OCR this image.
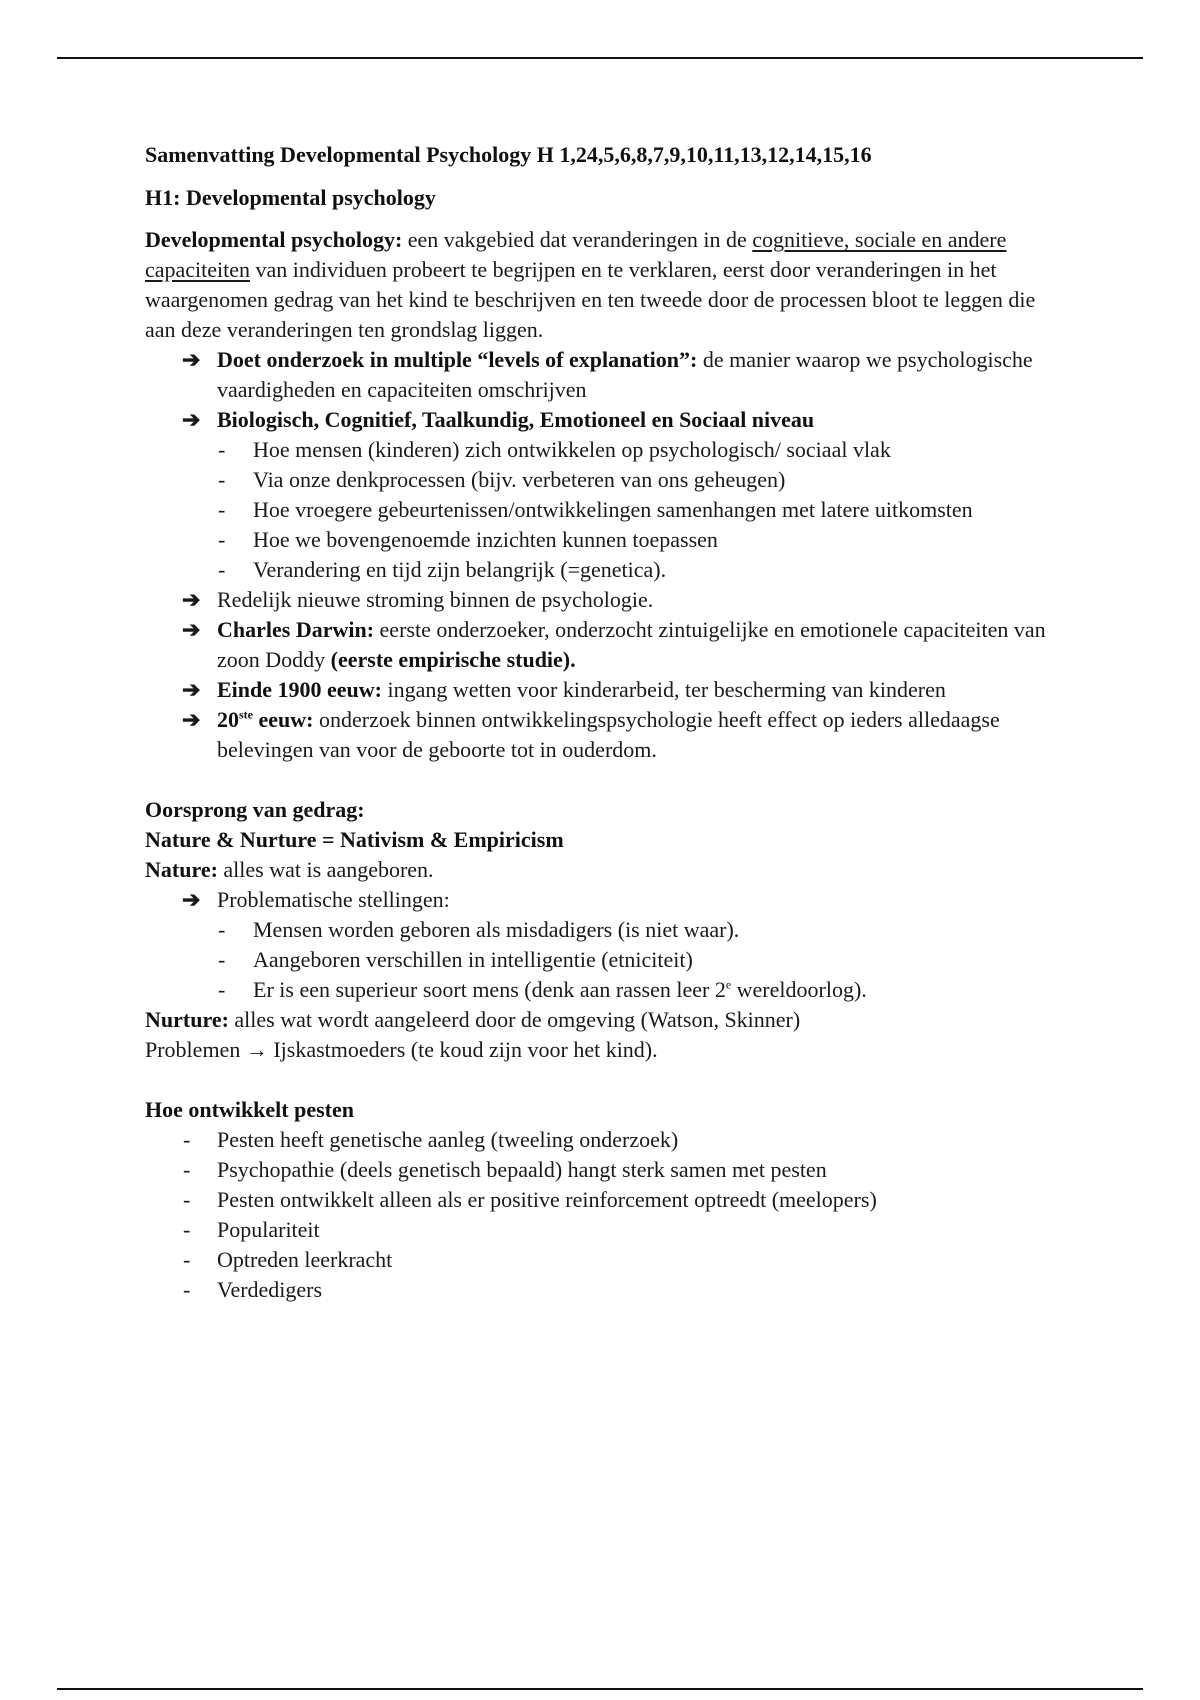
Samenvatting Developmental Psychology H 1,24,5,6,8,7,9,10,11,13,12,14,15,16

H1: Developmental psychology

Developmental psychology: een vakgebied dat veranderingen in de cognitieve, sociale en andere capaciteiten van individuen probeert te begrijpen en te verklaren, eerst door veranderingen in het waargenomen gedrag van het kind te beschrijven en ten tweede door de processen bloot te leggen die aan deze veranderingen ten grondslag liggen.

➔ Doet onderzoek in multiple “levels of explanation”: de manier waarop we psychologische vaardigheden en capaciteiten omschrijven

➔ Biologisch, Cognitief, Taalkundig, Emotioneel en Sociaal niveau

- Hoe mensen (kinderen) zich ontwikkelen op psychologisch/ sociaal vlak

- Via onze denkprocessen (bijv. verbeteren van ons geheugen)

- Hoe vroegere gebeurtenissen/ontwikkelingen samenhangen met latere uitkomsten

- Hoe we bovengenoemde inzichten kunnen toepassen

- Verandering en tijd zijn belangrijk (=genetica).

➔ Redelijk nieuwe stroming binnen de psychologie.

➔ Charles Darwin: eerste onderzoeker, onderzocht zintuigelijke en emotionele capaciteiten van zoon Doddy (eerste empirische studie).

➔ Einde 1900 eeuw: ingang wetten voor kinderarbeid, ter bescherming van kinderen

➔ 20ste eeuw: onderzoek binnen ontwikkelingspsychologie heeft effect op ieders alledaagse belevingen van voor de geboorte tot in ouderdom.

Oorsprong van gedrag:

Nature & Nurture = Nativism & Empiricism

Nature: alles wat is aangeboren.

➔ Problematische stellingen:

- Mensen worden geboren als misdadigers (is niet waar).

- Aangeboren verschillen in intelligentie (etniciteit)

- Er is een superieur soort mens (denk aan rassen leer 2e wereldoorlog).

Nurture: alles wat wordt aangeleerd door de omgeving (Watson, Skinner)

Problemen → Ijskastmoeders (te koud zijn voor het kind).

Hoe ontwikkelt pesten

- Pesten heeft genetische aanleg (tweeling onderzoek)

- Psychopathie (deels genetisch bepaald) hangt sterk samen met pesten

- Pesten ontwikkelt alleen als er positive reinforcement optreedt (meelopers)

- Populariteit

- Optreden leerkracht

- Verdedigers
